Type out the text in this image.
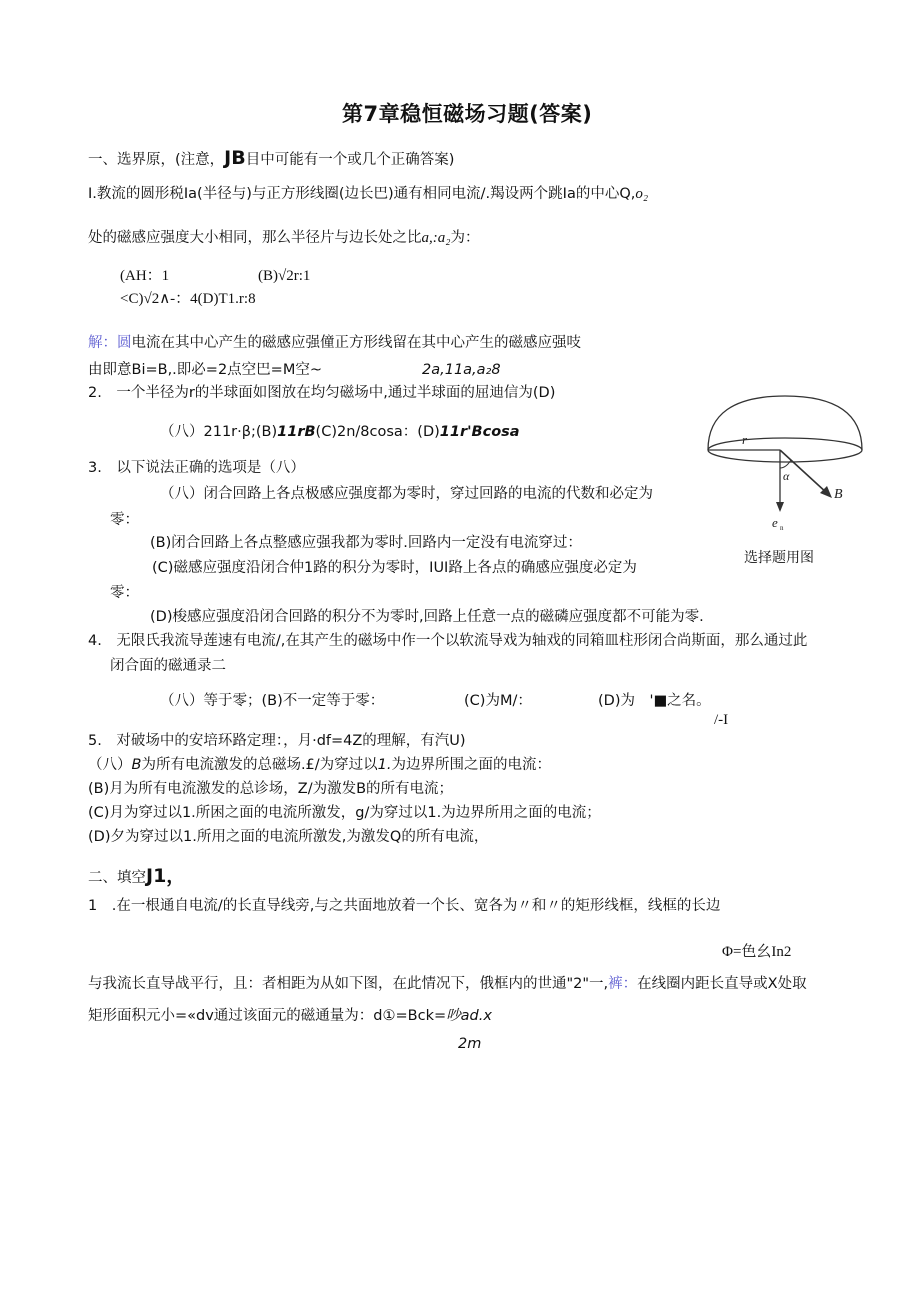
第7章稳恒磁场习题(答案)
一、选界原，(注意，JB目中可能有一个或几个正确答案)
I.教流的圆形税Ia(半径与)与正方形线圈(边长巴)通有相同电流/.羯设两个跳Ia的中心Q,o₂
处的磁感应强度大小相同，那么半径片与边长处之比a,:a₂为：
(AH：1	(B)√2r:1
<C)√2∧-：4(D)T1.r:8
解：圆电流在其中心产生的磁感应强僮正方形线留在其中心产生的磁感应强吱
由即意Bi=B,.即必=2点空巴=M空~	2a,11a,a₂8
2.　一个半径为r的半球面如图放在均匀磁场中,通过半球面的屈迪信为(D)
（八）211r·β;(B)11rB(C)2n∕8cosa：(D)11r'Bcosa	r
α
B
e n
选择题用图
3.　以下说法正确的选项是（八）
（八）闭合回路上各点极感应强度都为零时，穿过回路的电流的代数和必定为
零：
(B)闭合回路上各点整感应强我都为零时.回路内一定没有电流穿过：
(C)磁感应强度沿闭合仲1路的积分为零时，IUI路上各点的确感应强度必定为
零：
(D)梭感应强度沿闭合回路的积分不为零时,回路上任意一点的磁磷应强度都不可能为零.
4.　无限氏我流导莲速有电流/,在其产生的磁场中作一个以软流导戏为轴戏的同箱皿柱形闭合尚斯面，那么通过此
闭合面的磁通录二
（八）等于零；(B)不一定等于零：	(C)为M/：	(D)为　'■之名。
/-I
5.　对破场中的安培环路定理：，月·df=4Z的理解，有汽U)
（八）B为所有电流激发的总磁场.£/为穿过以1.为边界所围之面的电流：
(B)月为所有电流激发的总诊场，Z/为激发B的所有电流；
(C)月为穿过以1.所困之面的电流所激发，g/为穿过以1.为边界所用之面的电流；
(D)夕为穿过以1.所用之面的电流所激发,为激发Q的所有电流，
二、填空J1，
1　.在一根通自电流/的长直导线旁,与之共面地放着一个长、宽各为〃和〃的矩形线框，线框的长边
Φ=色幺In2
与我流长直导战平行，且：者相距为从如下图，在此情况下，俄框内的世通"2"一,裤：在线圈内距长直导或X处取
矩形面积元小=«dv通过该面元的磁通量为：d①=Bck=吵ad.x
2m
